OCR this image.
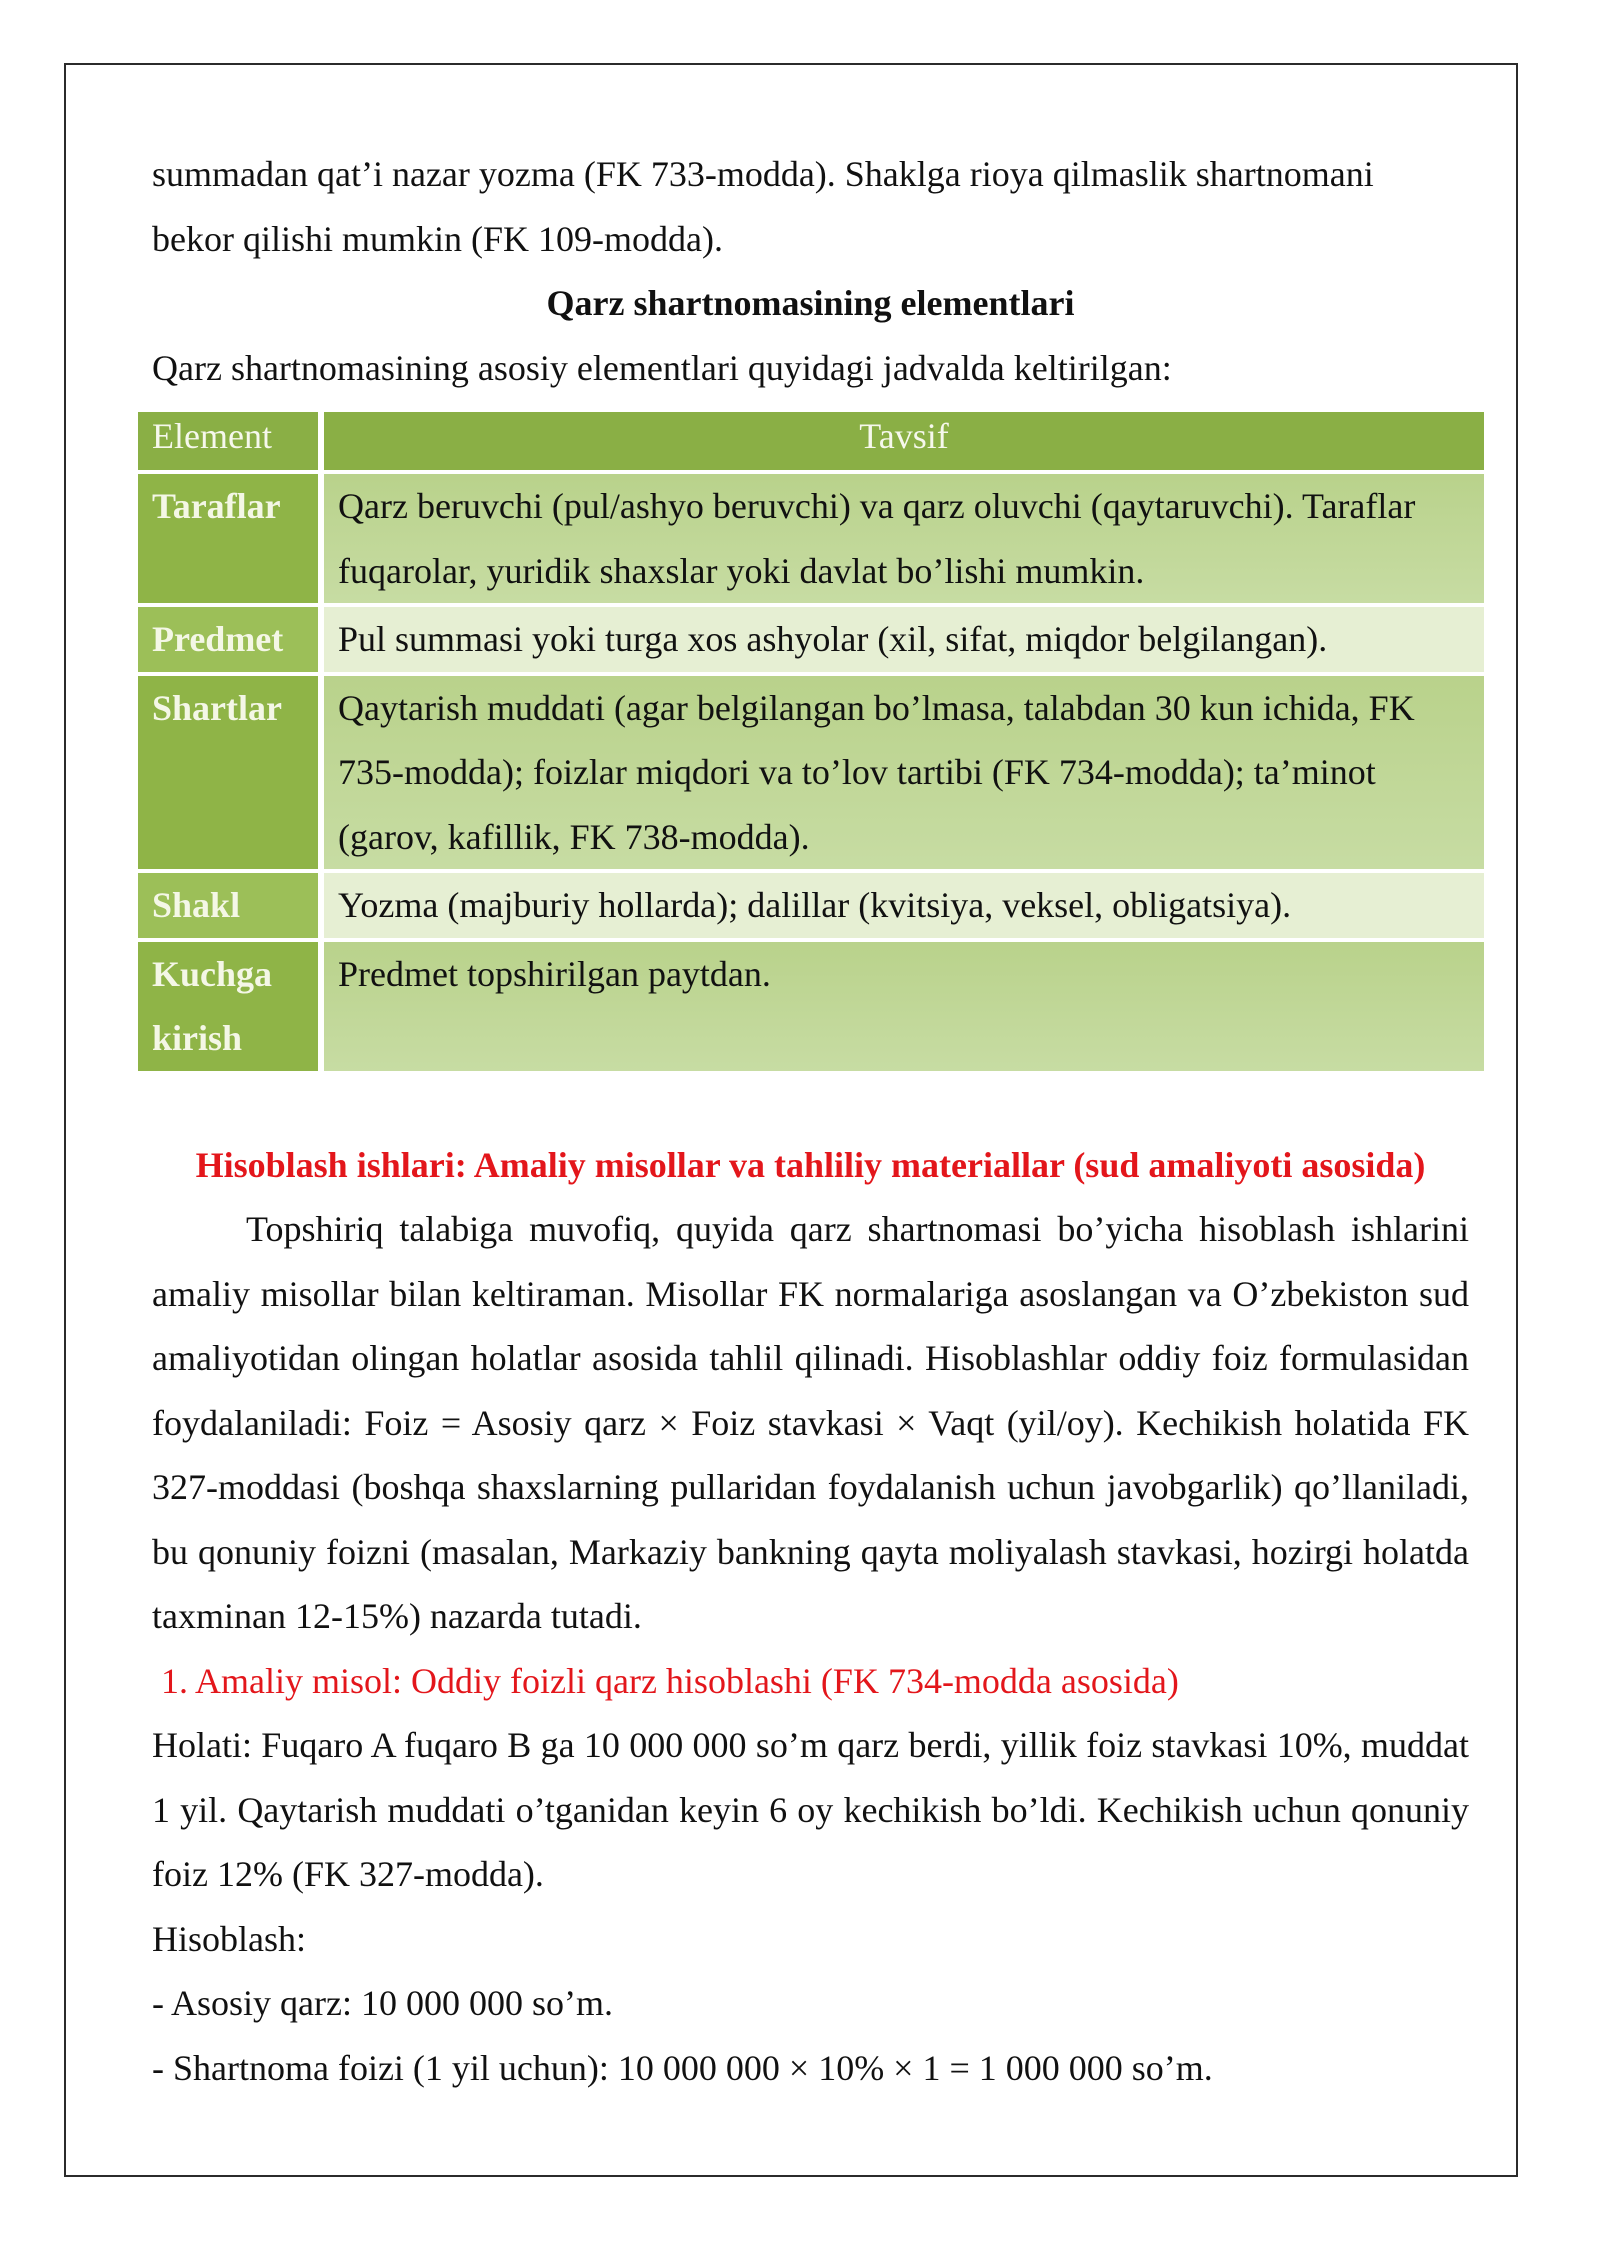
summadan qat’i nazar yozma (FK 733-modda). Shaklga rioya qilmaslik shartnomani

bekor qilishi mumkin (FK 109-modda).

Qarz shartnomasining elementlari

Qarz shartnomasining asosiy elementlari quyidagi jadvalda keltirilgan:

Element	Tavsif
Taraflar	Qarz beruvchi (pul/ashyo beruvchi) va qarz oluvchi (qaytaruvchi). Taraflar fuqarolar, yuridik shaxslar yoki davlat bo’lishi mumkin.
Predmet	Pul summasi yoki turga xos ashyolar (xil, sifat, miqdor belgilangan).
Shartlar	Qaytarish muddati (agar belgilangan bo’lmasa, talabdan 30 kun ichida, FK 735-modda); foizlar miqdori va to’lov tartibi (FK 734-modda); ta’minot (garov, kafillik, FK 738-modda).
Shakl	Yozma (majburiy hollarda); dalillar (kvitsiya, veksel, obligatsiya).
Kuchga kirish	Predmet topshirilgan paytdan.

Hisoblash ishlari: Amaliy misollar va tahliliy materiallar (sud amaliyoti asosida)

Topshiriq talabiga muvofiq, quyida qarz shartnomasi bo’yicha hisoblash ishlarini amaliy misollar bilan keltiraman. Misollar FK normalariga asoslangan va O’zbekiston sud amaliyotidan olingan holatlar asosida tahlil qilinadi. Hisoblashlar oddiy foiz formulasidan foydalaniladi: Foiz = Asosiy qarz × Foiz stavkasi × Vaqt (yil/oy). Kechikish holatida FK 327-moddasi (boshqa shaxslarning pullaridan foydalanish uchun javobgarlik) qo’llaniladi, bu qonuniy foizni (masalan, Markaziy bankning qayta moliyalash stavkasi, hozirgi holatda taxminan 12-15%) nazarda tutadi.

1. Amaliy misol: Oddiy foizli qarz hisoblashi (FK 734-modda asosida)

Holati: Fuqaro A fuqaro B ga 10 000 000 so’m qarz berdi, yillik foiz stavkasi 10%, muddat 1 yil. Qaytarish muddati o’tganidan keyin 6 oy kechikish bo’ldi. Kechikish uchun qonuniy foiz 12% (FK 327-modda).

Hisoblash:

- Asosiy qarz: 10 000 000 so’m.

- Shartnoma foizi (1 yil uchun): 10 000 000 × 10% × 1 = 1 000 000 so’m.
